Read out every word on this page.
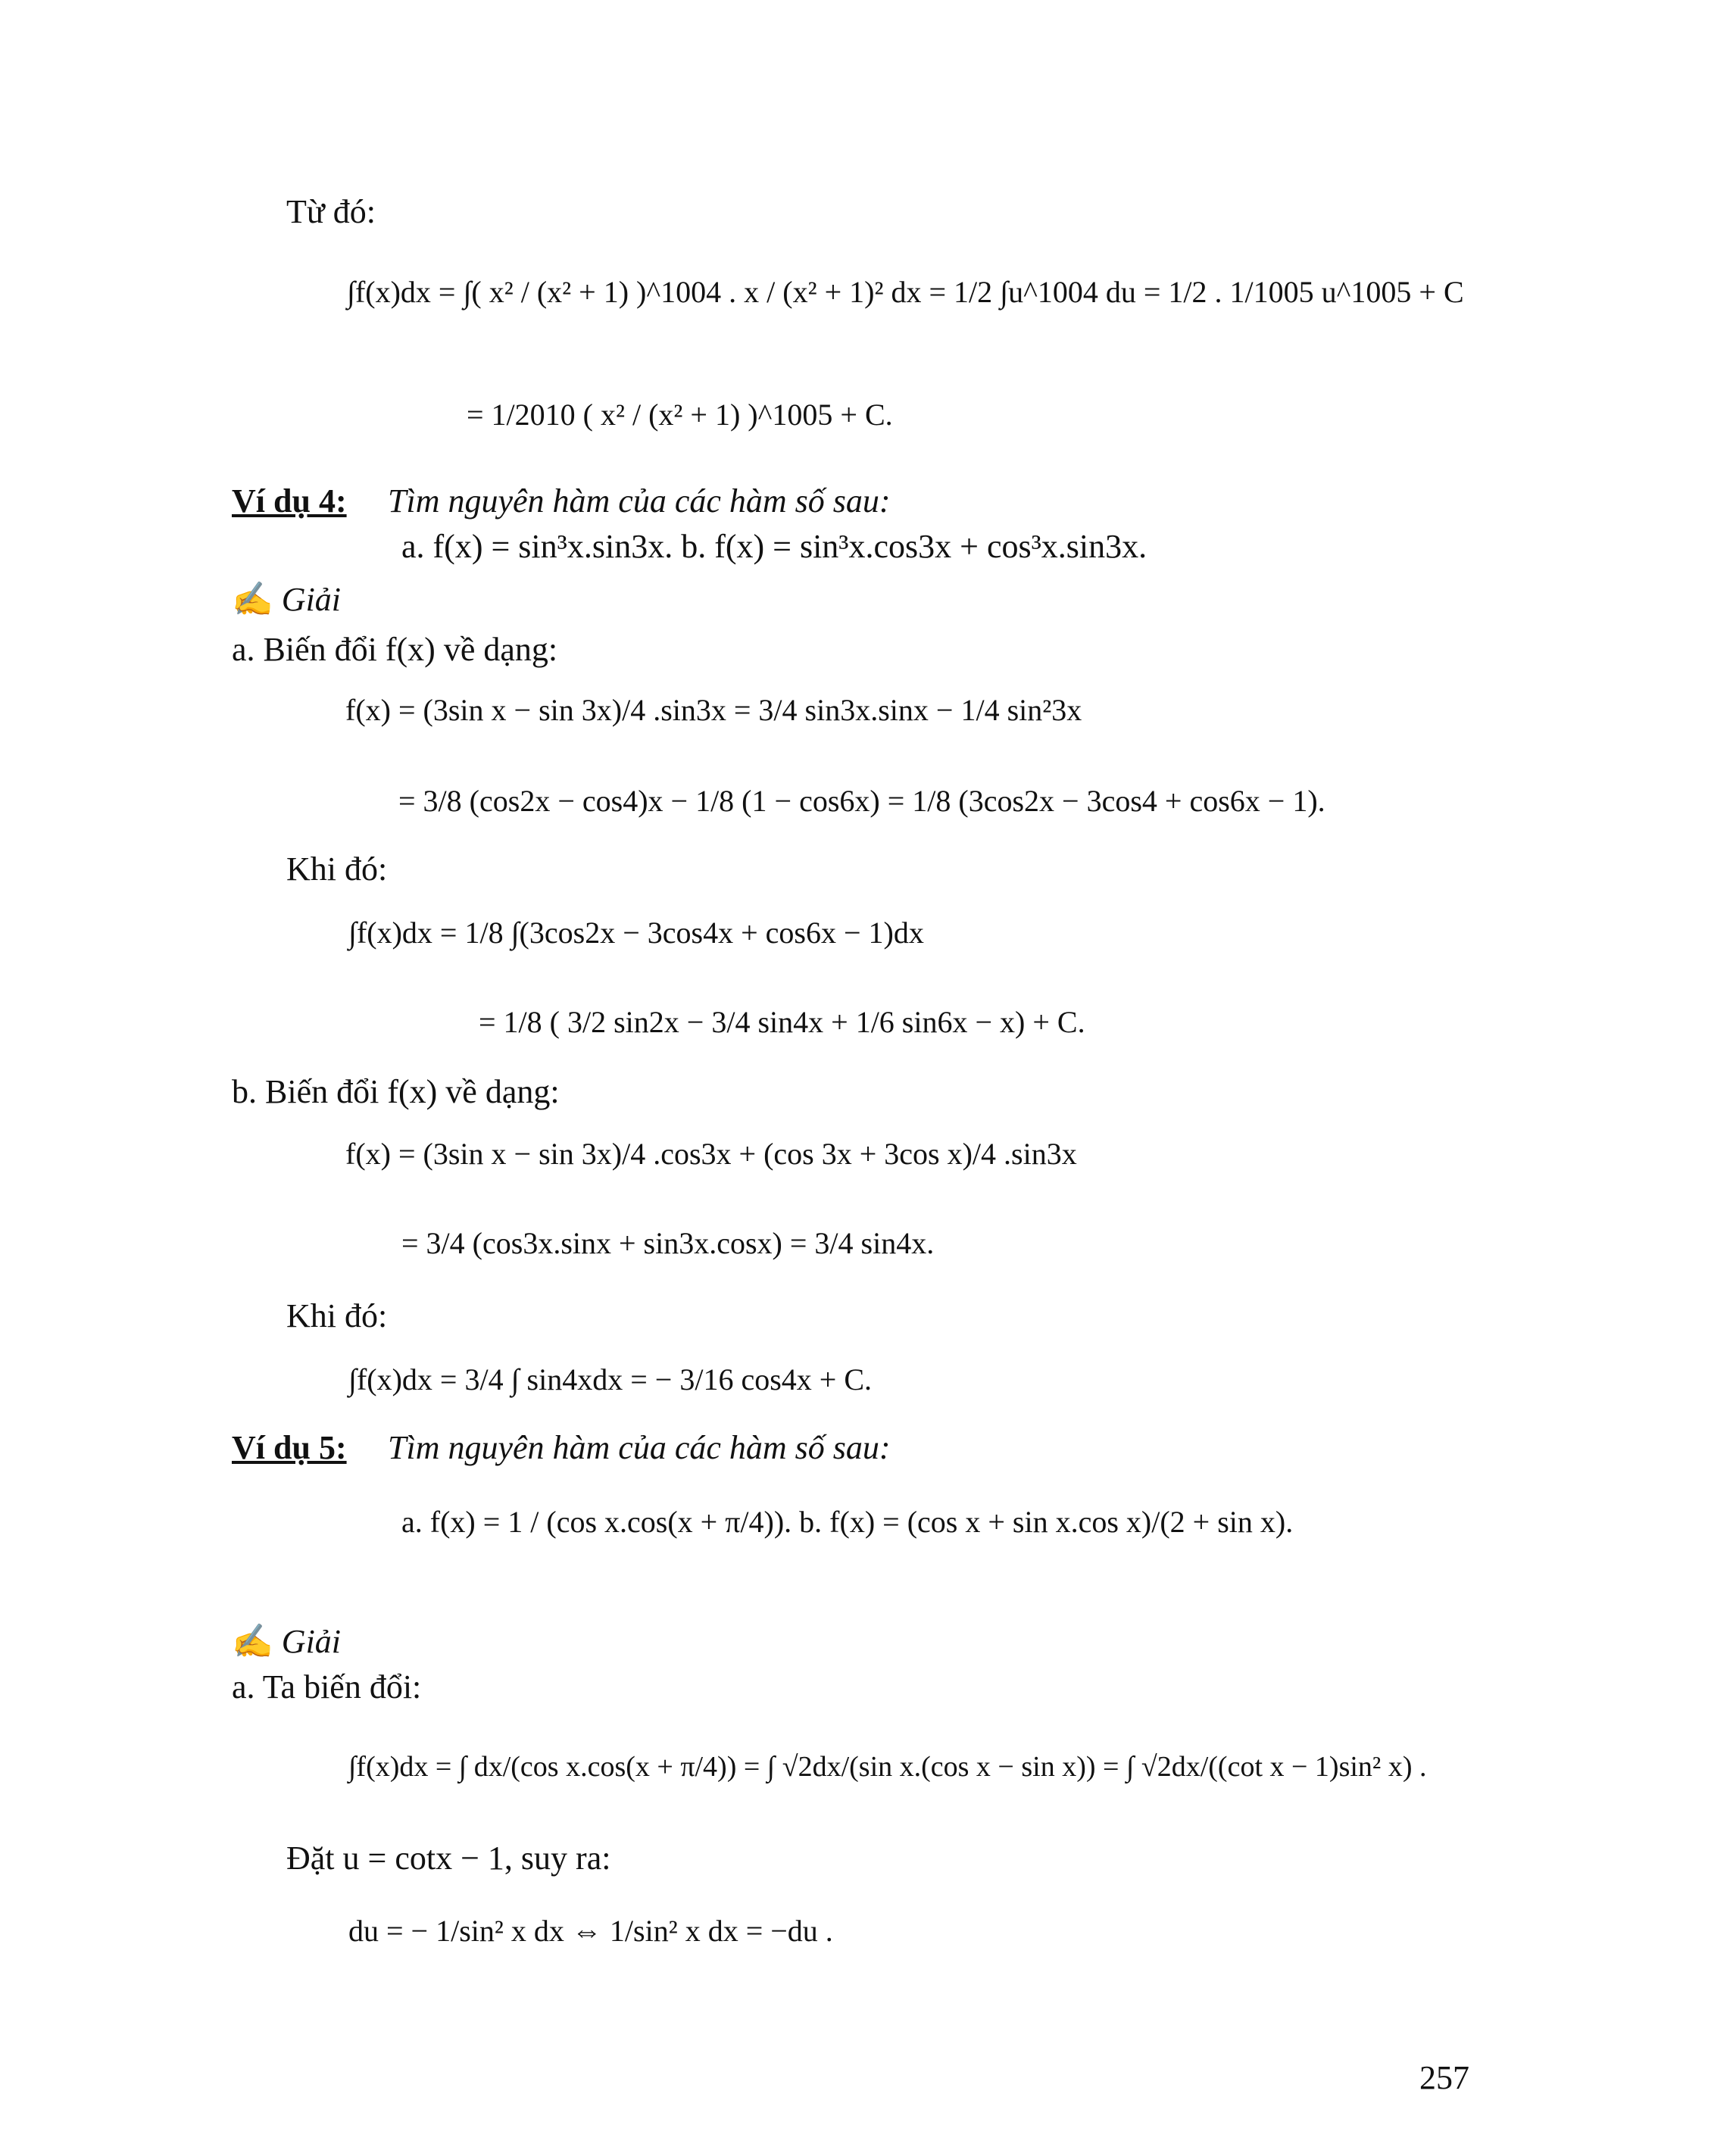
Từ đó:
∫f(x)dx = ∫( x² / (x² + 1) )^1004 . x / (x² + 1)² dx = 1/2 ∫u^1004 du = 1/2 . 1/1005 u^1005 + C
= 1/2010 ( x² / (x² + 1) )^1005 + C.
Ví dụ 4: Tìm nguyên hàm của các hàm số sau:
a. f(x) = sin³x.sin3x. b. f(x) = sin³x.cos3x + cos³x.sin3x.
✍ Giải
a. Biến đổi f(x) về dạng:
f(x) = (3sin x − sin 3x)/4 .sin3x = 3/4 sin3x.sinx − 1/4 sin²3x
= 3/8 (cos2x − cos4)x − 1/8 (1 − cos6x) = 1/8 (3cos2x − 3cos4 + cos6x − 1).
Khi đó:
∫f(x)dx = 1/8 ∫(3cos2x − 3cos4x + cos6x − 1)dx
= 1/8 ( 3/2 sin2x − 3/4 sin4x + 1/6 sin6x − x) + C.
b. Biến đổi f(x) về dạng:
f(x) = (3sin x − sin 3x)/4 .cos3x + (cos 3x + 3cos x)/4 .sin3x
= 3/4 (cos3x.sinx + sin3x.cosx) = 3/4 sin4x.
Khi đó:
∫f(x)dx = 3/4 ∫ sin4xdx = − 3/16 cos4x + C.
Ví dụ 5: Tìm nguyên hàm của các hàm số sau:
a. f(x) = 1 / (cos x.cos(x + π/4)). b. f(x) = (cos x + sin x.cos x)/(2 + sin x).
✍ Giải
a. Ta biến đổi:
∫f(x)dx = ∫ dx/(cos x.cos(x + π/4)) = ∫ √2dx/(sin x.(cos x − sin x)) = ∫ √2dx/((cot x − 1)sin² x) .
Đặt u = cotx − 1, suy ra:
du = − 1/sin² x dx ⇔ 1/sin² x dx = −du .
257
